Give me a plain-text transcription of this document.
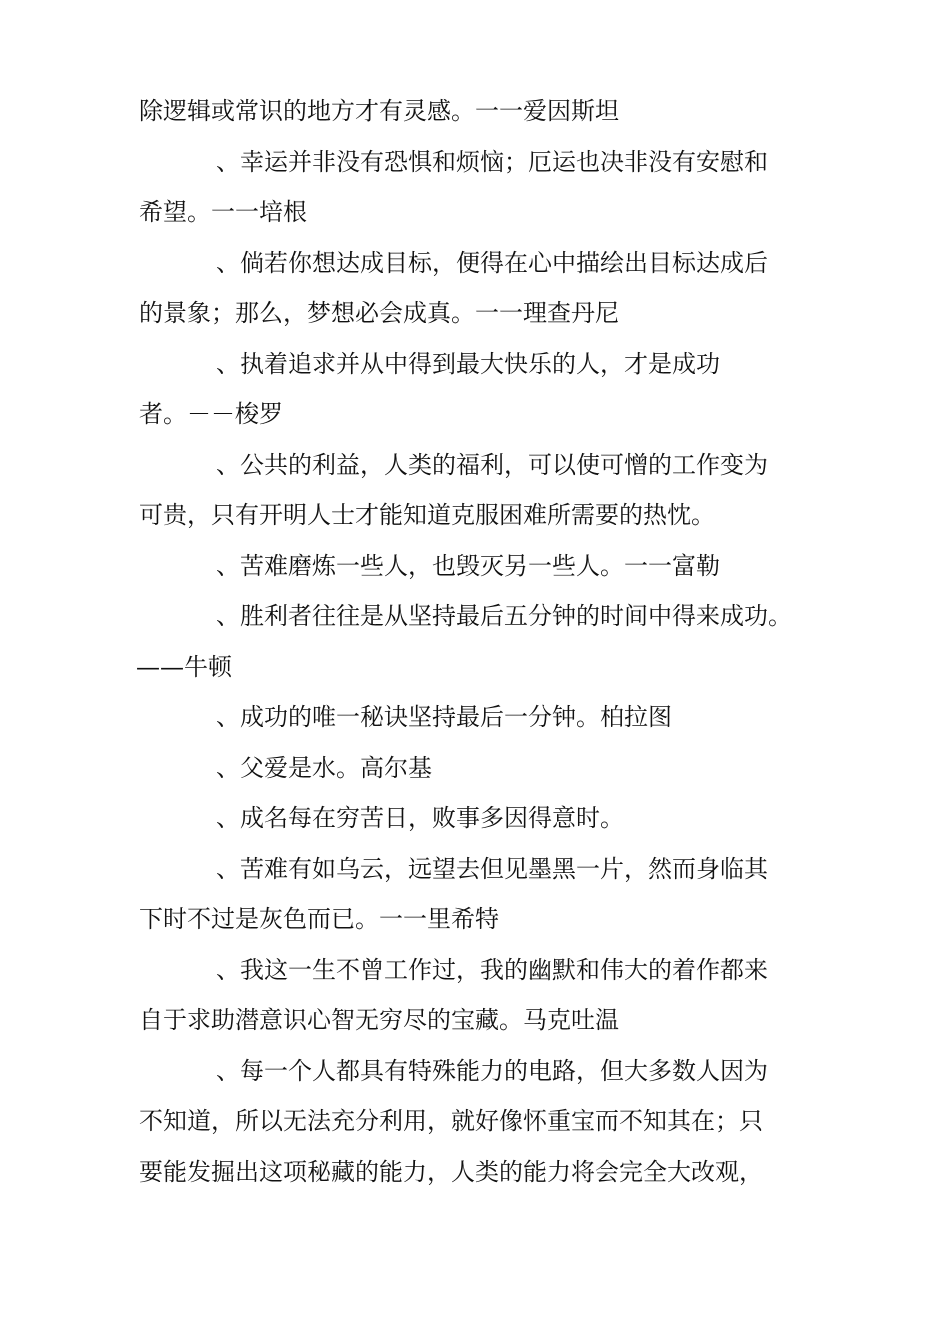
除逻辑或常识的地方才有灵感。一一爱因斯坦
、幸运并非没有恐惧和烦恼；厄运也决非没有安慰和
希望。一一培根
、倘若你想达成目标，便得在心中描绘出目标达成后
的景象；那么，梦想必会成真。一一理查丹尼
、执着追求并从中得到最大快乐的人，才是成功
者。－－梭罗
、公共的利益，人类的福利，可以使可憎的工作变为
可贵，只有开明人士才能知道克服困难所需要的热忱。
、苦难磨炼一些人，也毁灭另一些人。一一富勒
、胜利者往往是从坚持最后五分钟的时间中得来成功。
——牛顿
、成功的唯一秘诀坚持最后一分钟。柏拉图
、父爱是水。高尔基
、成名每在穷苦日，败事多因得意时。
、苦难有如乌云，远望去但见墨黑一片，然而身临其
下时不过是灰色而已。一一里希特
、我这一生不曾工作过，我的幽默和伟大的着作都来
自于求助潜意识心智无穷尽的宝藏。马克吐温
、每一个人都具有特殊能力的电路，但大多数人因为
不知道，所以无法充分利用，就好像怀重宝而不知其在；只
要能发掘出这项秘藏的能力，人类的能力将会完全大改观，
